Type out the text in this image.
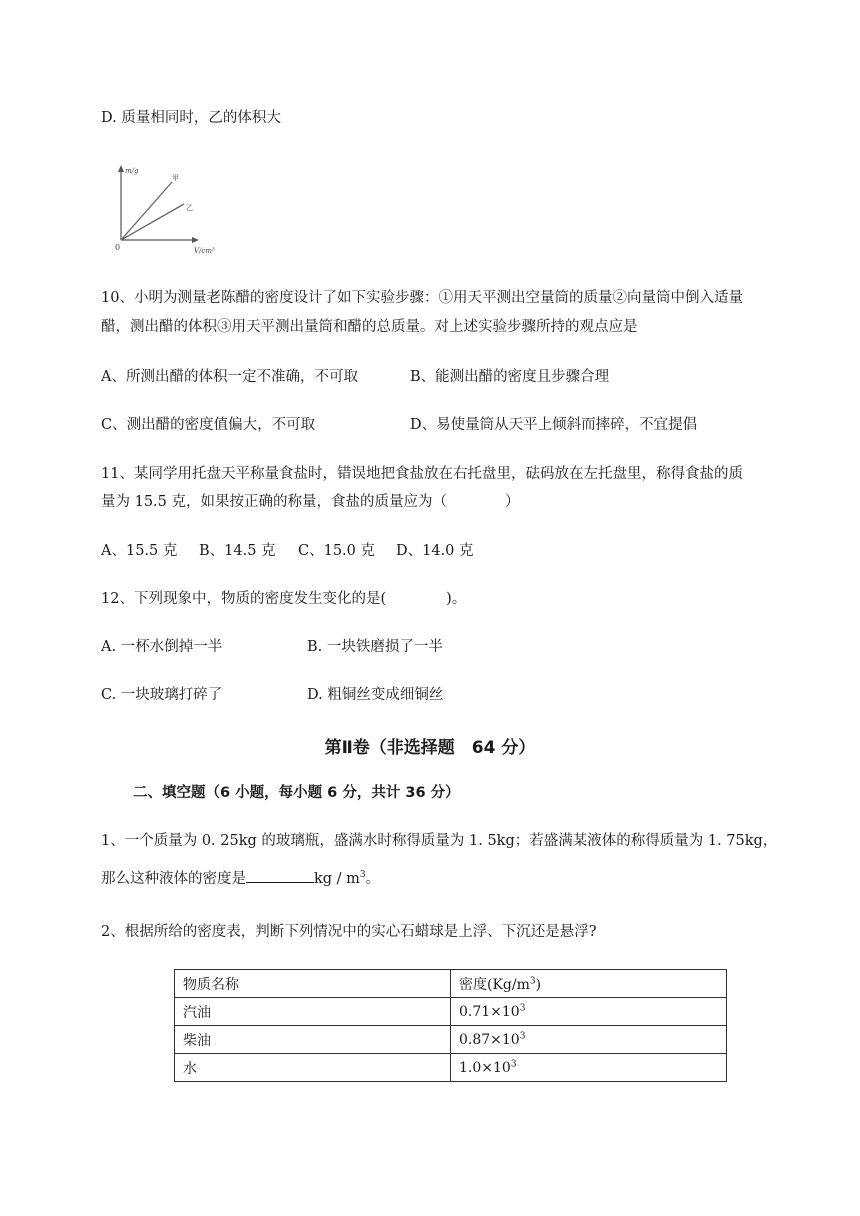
D. 质量相同时，乙的体积大
m/g
V/cm³
0
甲
乙
10、小明为测量老陈醋的密度设计了如下实验步骤：①用天平测出空量筒的质量②向量筒中倒入适量
醋，测出醋的体积③用天平测出量筒和醋的总质量。对上述实验步骤所持的观点应是
A、所测出醋的体积一定不准确，不可取	B、能测出醋的密度且步骤合理
C、测出醋的密度值偏大，不可取	D、易使量筒从天平上倾斜而摔碎，不宜提倡
11、某同学用托盘天平称量食盐时，错误地把食盐放在右托盘里，砝码放在左托盘里，称得食盐的质
量为 15.5 克，如果按正确的称量，食盐的质量应为（	）
A、15.5 克 B、14.5 克 C、15.0 克 D、14.0 克
12、下列现象中，物质的密度发生变化的是(	)。
A. 一杯水倒掉一半	B. 一块铁磨损了一半
C. 一块玻璃打碎了	D. 粗铜丝变成细铜丝
第Ⅱ卷（非选择题　64 分）
二、填空题（6 小题，每小题 6 分，共计 36 分）
1、一个质量为 0. 25kg 的玻璃瓶，盛满水时称得质量为 1. 5kg；若盛满某液体的称得质量为 1. 75kg，
那么这种液体的密度是	kg / $m^3$。
2、根据所给的密度表，判断下列情况中的实心石蜡球是上浮、下沉还是悬浮?
物质名称	密度$(Kg/m^3)$
汽油	$0.71\times 10^3$
柴油	$0.87\times 10^3$
水	$1.0\times 10^3$
